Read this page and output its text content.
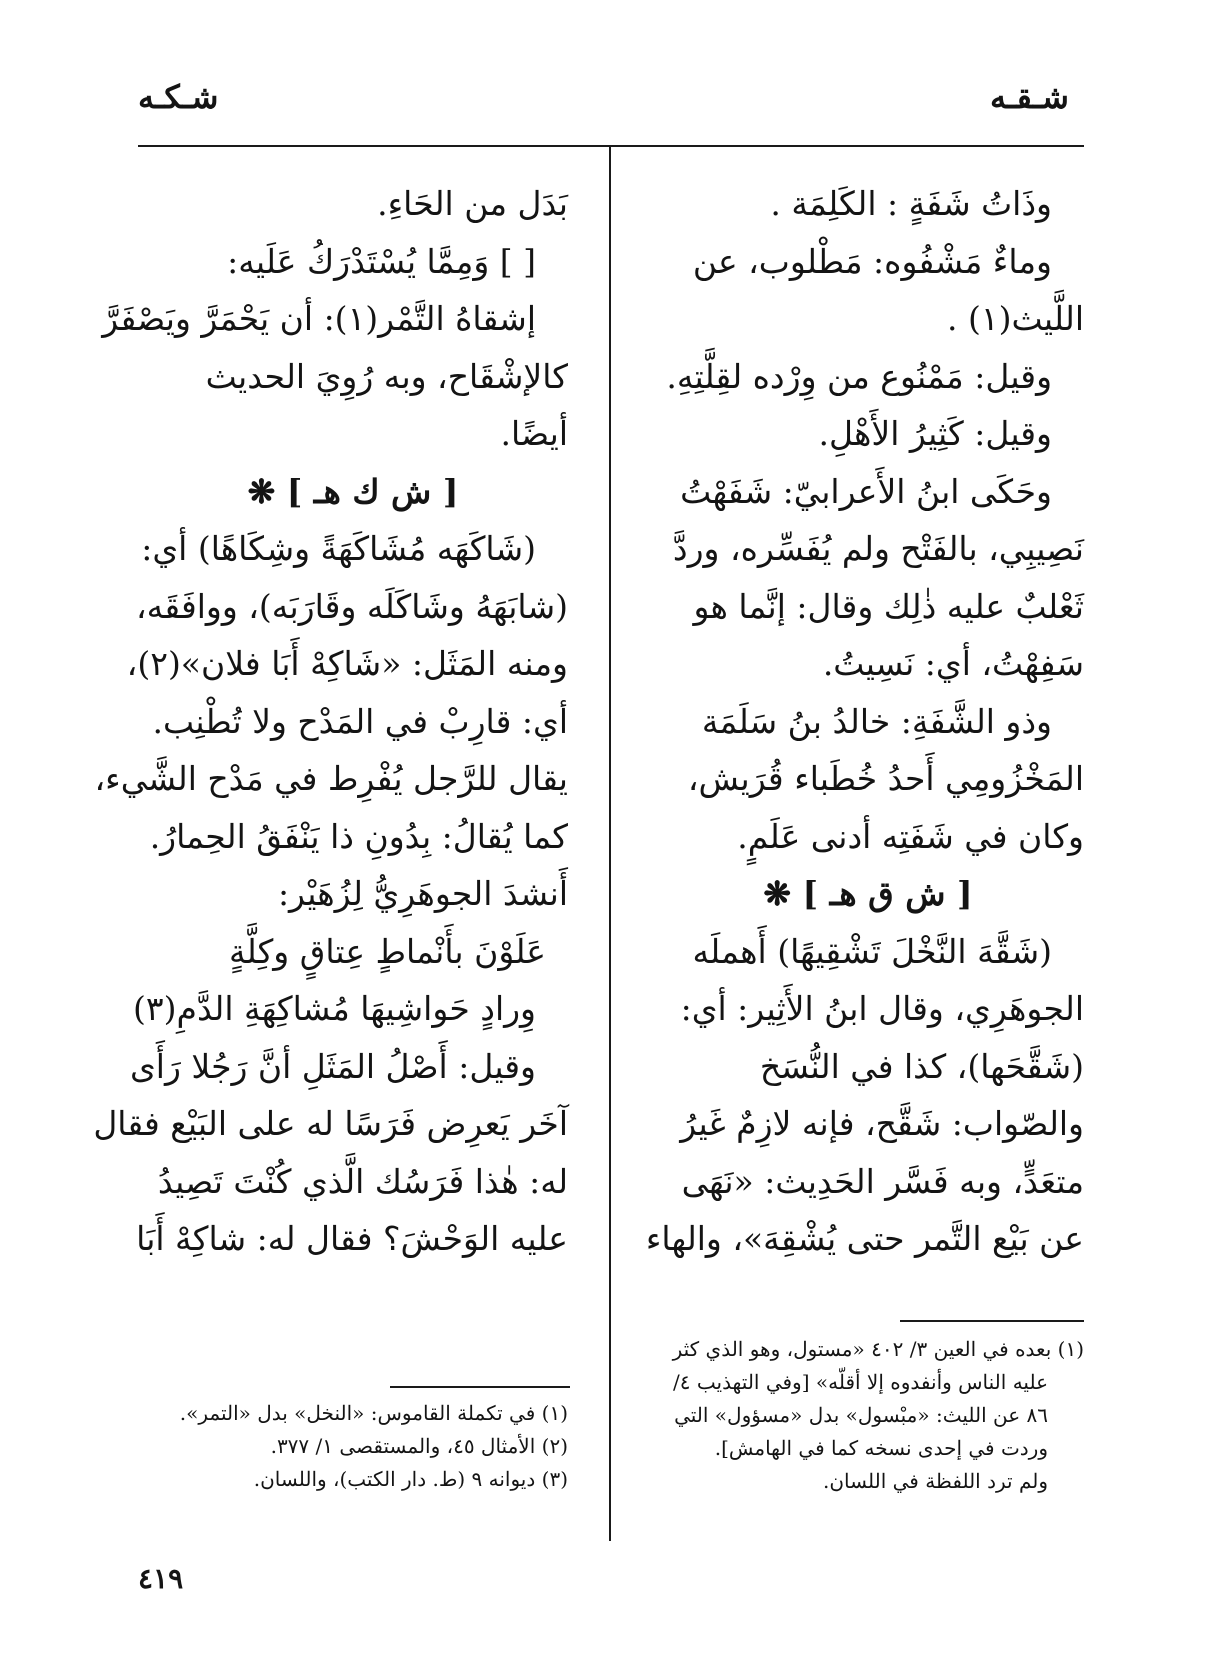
شـقـه
شـكـه
وذَاتُ شَفَةٍ : الكَلِمَة .
وماءٌ مَشْفُوه: مَطْلوب، عن
اللَّيث(١) .
وقيل: مَمْنُوع من وِرْده لقِلَّتِهِ.
وقيل: كَثِيرُ الأَهْلِ.
وحَكَى ابنُ الأَعرابيّ: شَفَهْتُ
نَصِيبِي، بالفَتْح ولم يُفَسِّره، وردَّ
ثَعْلبٌ عليه ذٰلِك وقال: إنَّما هو
سَفِهْتُ، أي: نَسِيتُ.
وذو الشَّفَةِ: خالدُ بنُ سَلَمَة
المَخْزُومِي أَحدُ خُطَباء قُرَيش،
وكان في شَفَتِه أدنى عَلَمٍ.
[ ش ق هـ ] ❋
(شَقَّهَ النَّخْلَ تَشْقِيهًا) أَهملَه
الجوهَرِي، وقال ابنُ الأَثِير: أي:
(شَقَّحَها)، كذا في النُّسَخ
والصّواب: شَقَّح، فإنه لازِمٌ غَيرُ
متعَدٍّ، وبه فَسَّر الحَدِيث: «نَهَى
عن بَيْع التَّمر حتى يُشْقِهَ»، والهاء
بَدَل من الحَاءِ.
[ ] وَمِمَّا يُسْتَدْرَكُ عَلَيه:
إشقاهُ التَّمْر(١): أن يَحْمَرَّ ويَصْفَرَّ
كالإشْقَاح، وبه رُوِيَ الحديث
أيضًا.
[ ش ك هـ ] ❋
(شَاكَهَه مُشَاكَهَةً وشِكَاهًا) أي:
(شابَهَهُ وشَاكَلَه وقَارَبَه)، ووافَقَه،
ومنه المَثَل: «شَاكِهْ أَبَا فلان»(٢)،
أي: قارِبْ في المَدْح ولا تُطْنِب.
يقال للرَّجل يُفْرِط في مَدْح الشَّيء،
كما يُقالُ: بِدُونِ ذا يَنْفَقُ الحِمارُ.
أَنشدَ الجوهَرِيُّ لِزُهَيْر:
عَلَوْنَ بأَنْماطٍ عِتاقٍ وكِلَّةٍ
وِرادٍ حَواشِيهَا مُشاكِهَةِ الدَّمِ(٣)
وقيل: أَصْلُ المَثَلِ أنَّ رَجُلا رَأَى
آخَر يَعرِض فَرَسًا له على البَيْع فقال
له: هٰذا فَرَسُك الَّذي كُنْتَ تَصِيدُ
عليه الوَحْشَ؟ فقال له: شاكِهْ أَبَا
(١) بعده في العين ٣/ ٤٠٢ «مستول، وهو الذي كثر
عليه الناس وأنفدوه إلا أقلّه» [وفي التهذيب ٤/
٨٦ عن الليث: «مبْسول» بدل «مسؤول» التي
وردت في إحدى نسخه كما في الهامش].
ولم ترد اللفظة في اللسان.
(١) في تكملة القاموس: «النخل» بدل «التمر».
(٢) الأمثال ٤٥، والمستقصى ١/ ٣٧٧.
(٣) ديوانه ٩ (ط. دار الكتب)، واللسان.
٤١٩
